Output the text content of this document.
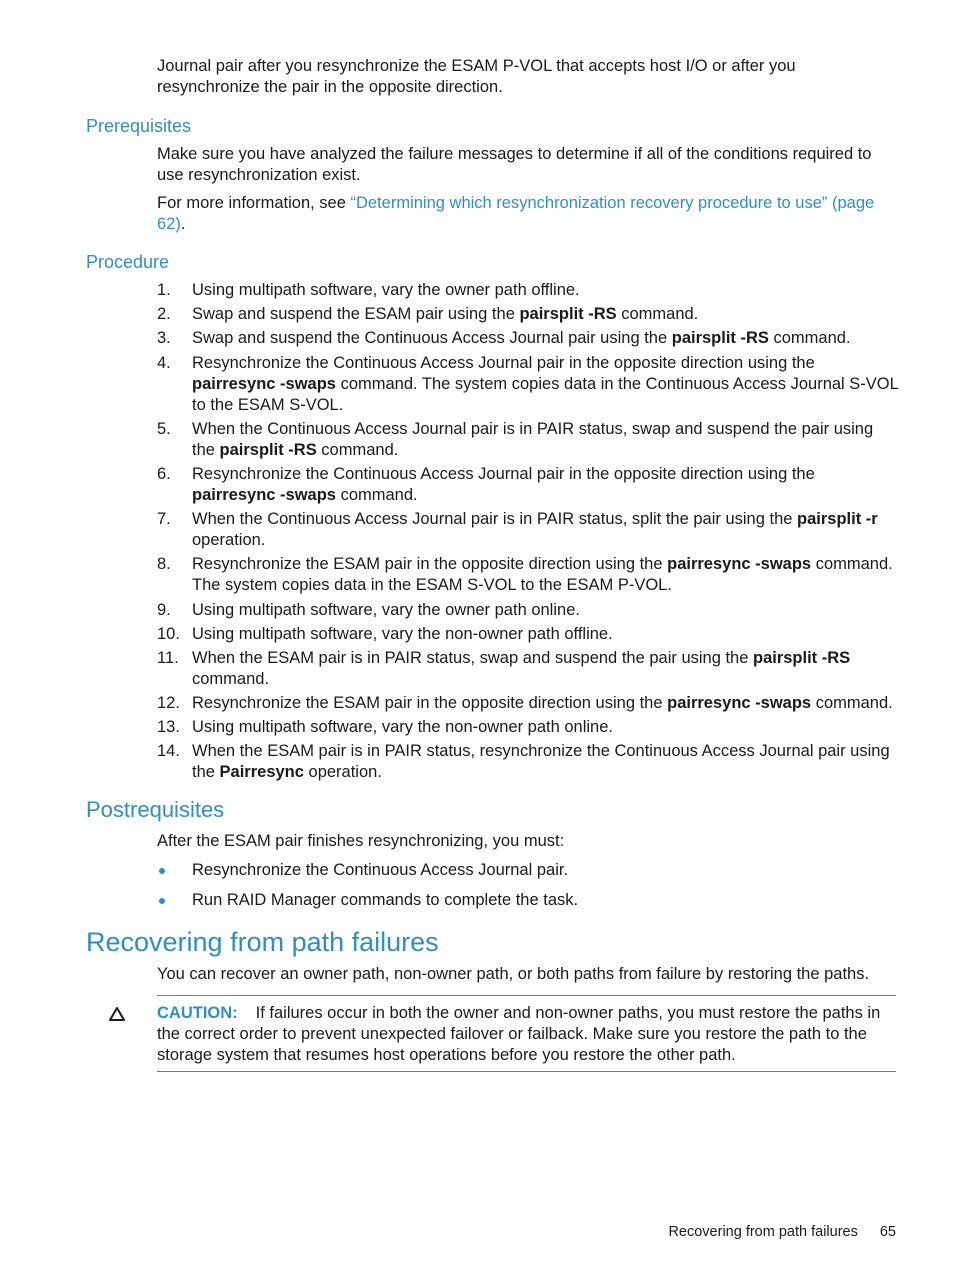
Journal pair after you resynchronize the ESAM P-VOL that accepts host I/O or after you resynchronize the pair in the opposite direction.

Prerequisites

Make sure you have analyzed the failure messages to determine if all of the conditions required to use resynchronization exist.

For more information, see “Determining which resynchronization recovery procedure to use” (page 62).

Procedure
1. Using multipath software, vary the owner path offline.
2. Swap and suspend the ESAM pair using the pairsplit -RS command.
3. Swap and suspend the Continuous Access Journal pair using the pairsplit -RS command.
4. Resynchronize the Continuous Access Journal pair in the opposite direction using the pairresync -swaps command. The system copies data in the Continuous Access Journal S-VOL to the ESAM S-VOL.
5. When the Continuous Access Journal pair is in PAIR status, swap and suspend the pair using the pairsplit -RS command.
6. Resynchronize the Continuous Access Journal pair in the opposite direction using the pairresync -swaps command.
7. When the Continuous Access Journal pair is in PAIR status, split the pair using the pairsplit -r operation.
8. Resynchronize the ESAM pair in the opposite direction using the pairresync -swaps command. The system copies data in the ESAM S-VOL to the ESAM P-VOL.
9. Using multipath software, vary the owner path online.
10. Using multipath software, vary the non-owner path offline.
11. When the ESAM pair is in PAIR status, swap and suspend the pair using the pairsplit -RS command.
12. Resynchronize the ESAM pair in the opposite direction using the pairresync -swaps command.
13. Using multipath software, vary the non-owner path online.
14. When the ESAM pair is in PAIR status, resynchronize the Continuous Access Journal pair using the Pairresync operation.
Postrequisites

After the ESAM pair finishes resynchronizing, you must:

Resynchronize the Continuous Access Journal pair.
Run RAID Manager commands to complete the task.
Recovering from path failures

You can recover an owner path, non-owner path, or both paths from failure by restoring the paths.

CAUTION: If failures occur in both the owner and non-owner paths, you must restore the paths in the correct order to prevent unexpected failover or failback. Make sure you restore the path to the storage system that resumes host operations before you restore the other path.
Recovering from path failures 65
